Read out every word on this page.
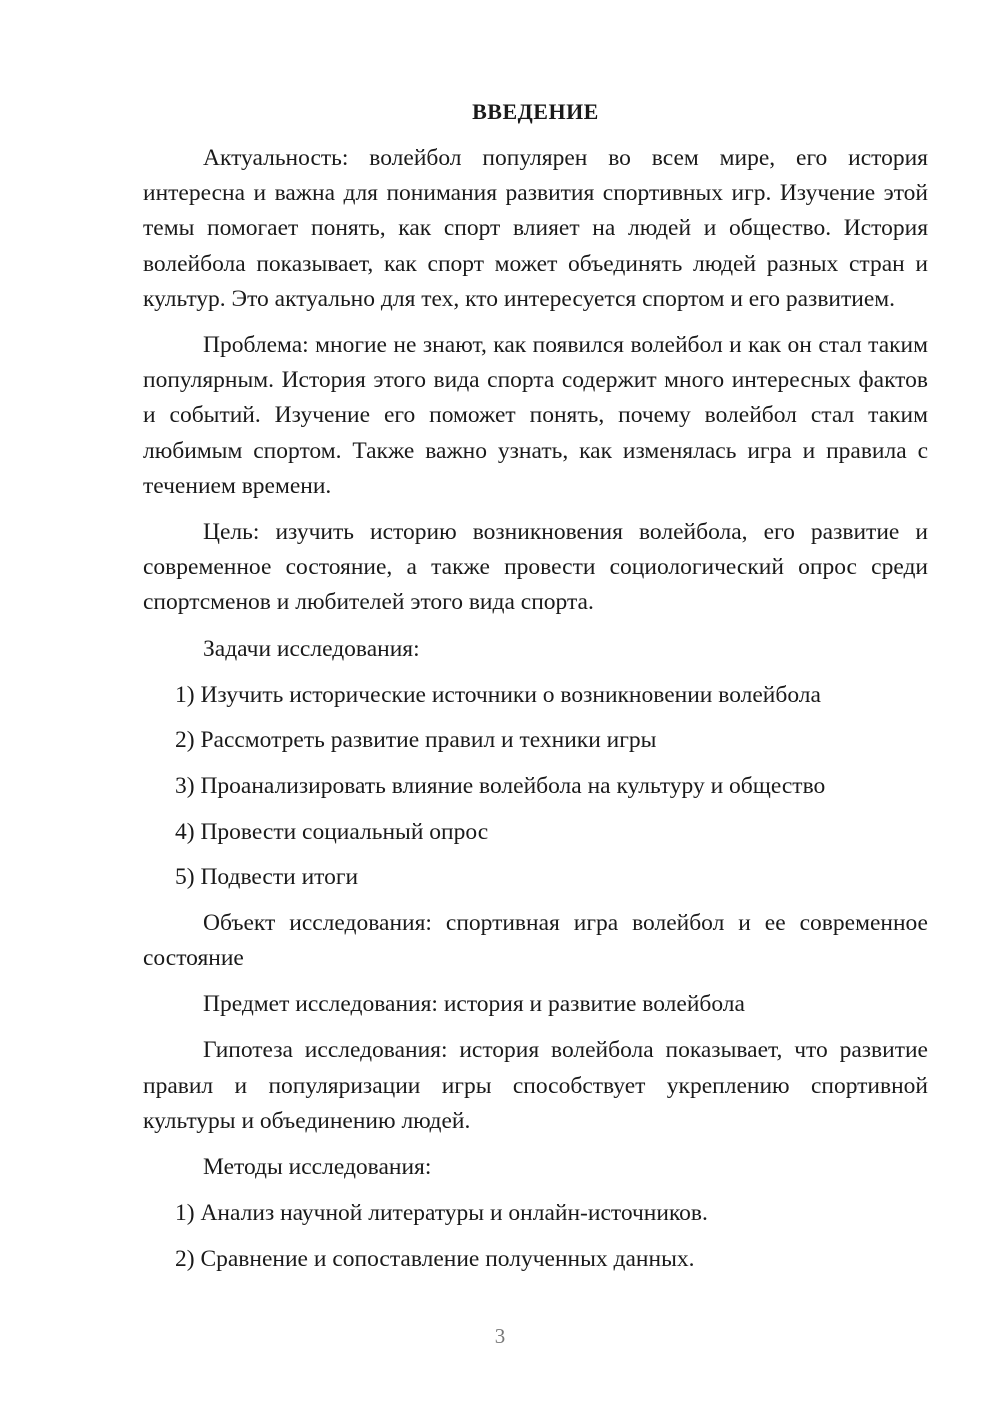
ВВЕДЕНИЕ

Актуальность: волейбол популярен во всем мире, его история интересна и важна для понимания развития спортивных игр. Изучение этой темы помогает понять, как спорт влияет на людей и общество. История волейбола показывает, как спорт может объединять людей разных стран и культур. Это актуально для тех, кто интересуется спортом и его развитием.

Проблема: многие не знают, как появился волейбол и как он стал таким популярным. История этого вида спорта содержит много интересных фактов и событий. Изучение его поможет понять, почему волейбол стал таким любимым спортом. Также важно узнать, как изменялась игра и правила с течением времени.

Цель: изучить историю возникновения волейбола, его развитие и современное состояние, а также провести социологический опрос среди спортсменов и любителей этого вида спорта.

Задачи исследования:

1) Изучить исторические источники о возникновении волейбола

2) Рассмотреть развитие правил и техники игры

3) Проанализировать влияние волейбола на культуру и общество

4) Провести социальный опрос

5) Подвести итоги

Объект исследования: спортивная игра волейбол и ее современное состояние

Предмет исследования: история и развитие волейбола

Гипотеза исследования: история волейбола показывает, что развитие правил и популяризации игры способствует укреплению спортивной культуры и объединению людей.

Методы исследования:

1) Анализ научной литературы и онлайн-источников.

2) Сравнение и сопоставление полученных данных.

3
